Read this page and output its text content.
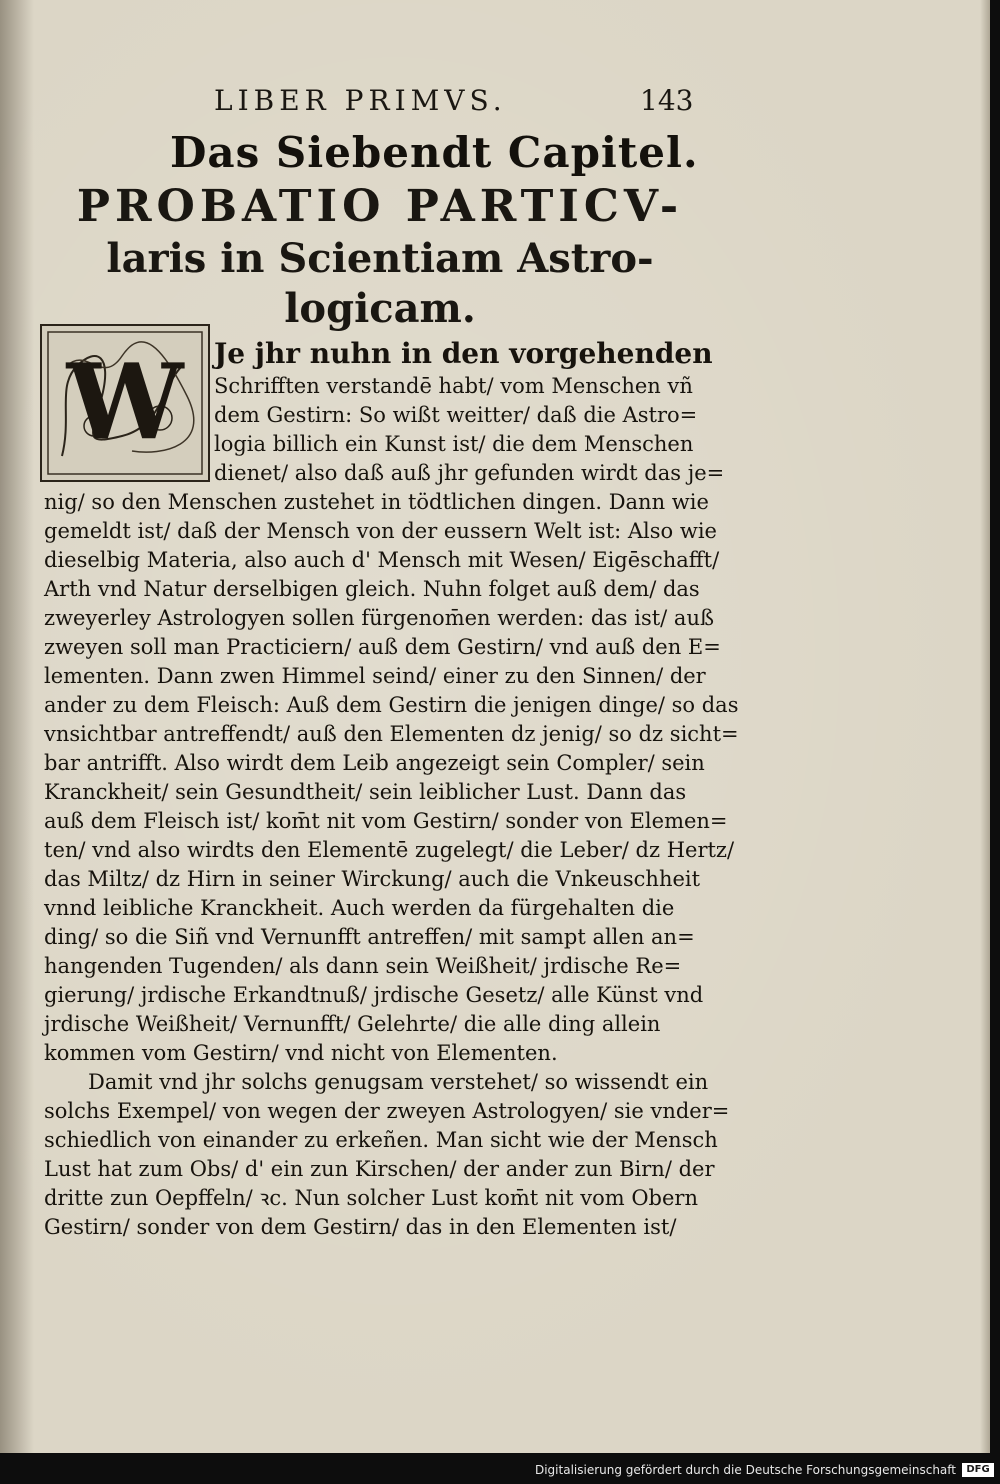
LIBER PRIMVS.	143
Das Siebendt Capitel.
PROBATIO PARTICV-
laris in Scientiam Astro-
logicam.
W	Je jhr nuhn in den vorgehenden
Schrifften verstandē habt/ vom Menschen vñ
dem Gestirn: So wißt weitter/ daß die Astro=
logia billich ein Kunst ist/ die dem Menschen
dienet/ also daß auß jhr gefunden wirdt das je=
nig/ so den Menschen zustehet in tödtlichen dingen. Dann wie
gemeldt ist/ daß der Mensch von der eussern Welt ist: Also wie
dieselbig Materia, also auch d' Mensch mit Wesen/ Eigēschafft/
Arth vnd Natur derselbigen gleich. Nuhn folget auß dem/ das
zweyerley Astrologyen sollen fürgenom̄en werden: das ist/ auß
zweyen soll man Practiciern/ auß dem Gestirn/ vnd auß den E=
lementen. Dann zwen Himmel seind/ einer zu den Sinnen/ der
ander zu dem Fleisch: Auß dem Gestirn die jenigen dinge/ so das
vnsichtbar antreffendt/ auß den Elementen dz jenig/ so dz sicht=
bar antrifft. Also wirdt dem Leib angezeigt sein Compler/ sein
Kranckheit/ sein Gesundtheit/ sein leiblicher Lust. Dann das
auß dem Fleisch ist/ kom̄t nit vom Gestirn/ sonder von Elemen=
ten/ vnd also wirdts den Elementē zugelegt/ die Leber/ dz Hertz/
das Miltz/ dz Hirn in seiner Wirckung/ auch die Vnkeuschheit
vnnd leibliche Kranckheit. Auch werden da fürgehalten die
ding/ so die Siñ vnd Vernunfft antreffen/ mit sampt allen an=
hangenden Tugenden/ als dann sein Weißheit/ jrdische Re=
gierung/ jrdische Erkandtnuß/ jrdische Gesetz/ alle Künst vnd
jrdische Weißheit/ Vernunfft/ Gelehrte/ die alle ding allein
kommen vom Gestirn/ vnd nicht von Elementen.
Damit vnd jhr solchs genugsam verstehet/ so wissendt ein
solchs Exempel/ von wegen der zweyen Astrologyen/ sie vnder=
schiedlich von einander zu erkeñen. Man sicht wie der Mensch
Lust hat zum Obs/ d' ein zun Kirschen/ der ander zun Birn/ der
dritte zun Oepffeln/ ꝛc. Nun solcher Lust kom̄t nit vom Obern
Gestirn/ sonder von dem Gestirn/ das in den Elementen ist/
Digitalisierung gefördert durch die Deutsche Forschungsgemeinschaft	DFG
